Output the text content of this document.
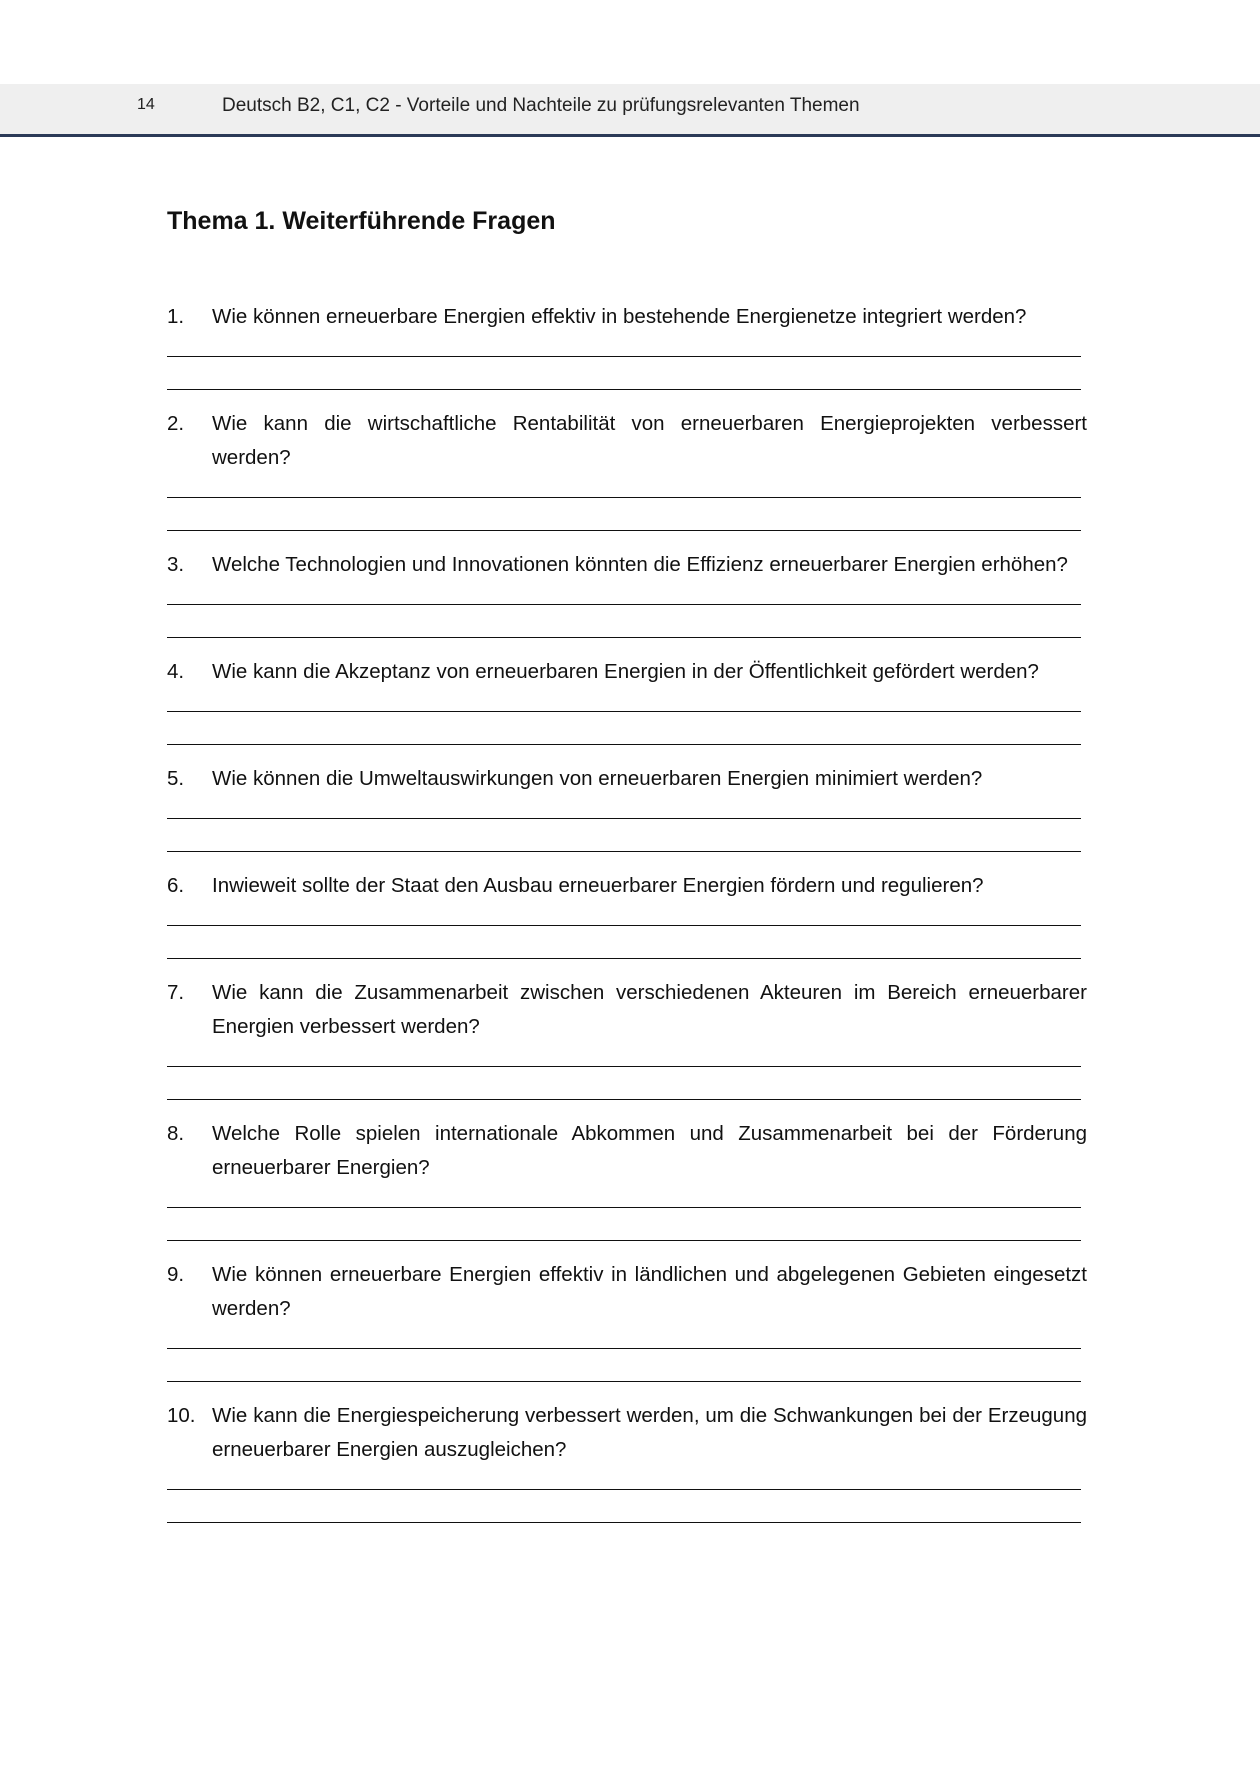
14	Deutsch B2, C1, C2 - Vorteile und Nachteile zu prüfungsrelevanten Themen
Thema 1. Weiterführende Fragen
1.	Wie können erneuerbare Energien effektiv in bestehende Energienetze integriert werden?
2.	Wie kann die wirtschaftliche Rentabilität von erneuerbaren Energieprojekten verbessert werden?
3.	Welche Technologien und Innovationen könnten die Effizienz erneuerbarer Energien erhöhen?
4.	Wie kann die Akzeptanz von erneuerbaren Energien in der Öffentlichkeit gefördert werden?
5.	Wie können die Umweltauswirkungen von erneuerbaren Energien minimiert werden?
6.	Inwieweit sollte der Staat den Ausbau erneuerbarer Energien fördern und regulieren?
7.	Wie kann die Zusammenarbeit zwischen verschiedenen Akteuren im Bereich erneuerbarer Energien verbessert werden?
8.	Welche Rolle spielen internationale Abkommen und Zusammenarbeit bei der Förderung erneuerbarer Energien?
9.	Wie können erneuerbare Energien effektiv in ländlichen und abgelegenen Gebieten eingesetzt werden?
10. Wie kann die Energiespeicherung verbessert werden, um die Schwankungen bei der Erzeugung erneuerbarer Energien auszugleichen?
